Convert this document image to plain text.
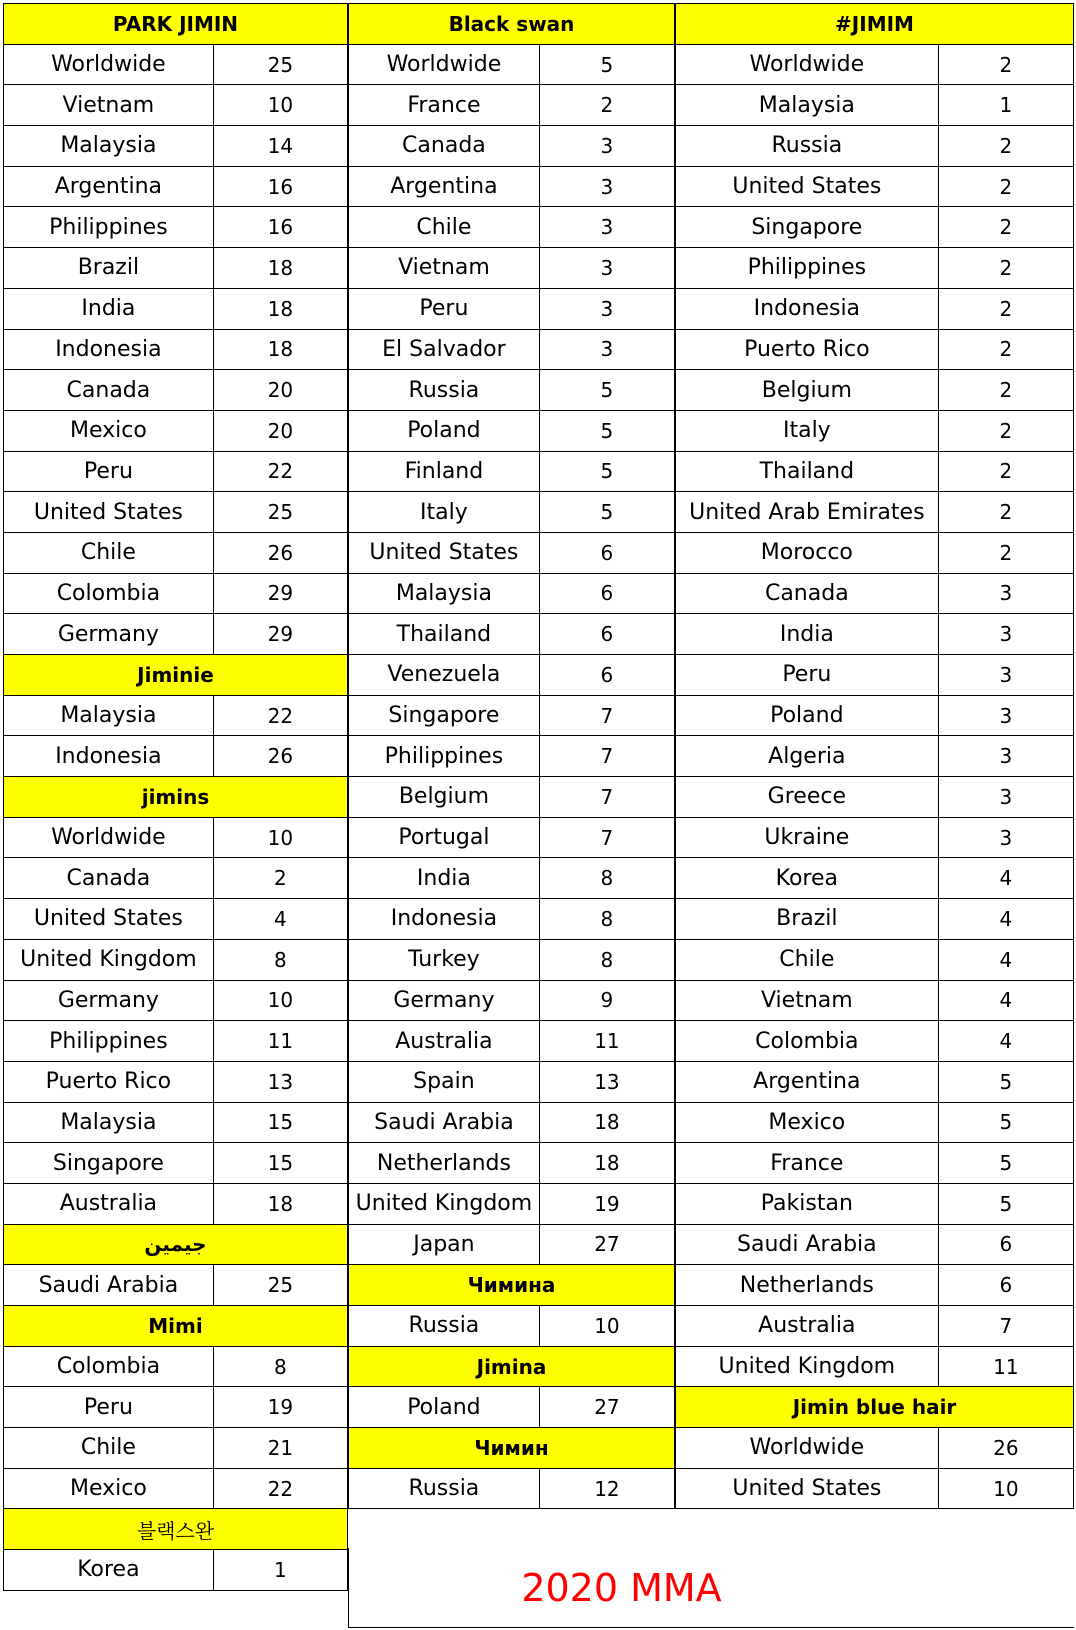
PARK JIMIN
Worldwide	25
Vietnam	10
Malaysia	14
Argentina	16
Philippines	16
Brazil	18
India	18
Indonesia	18
Canada	20
Mexico	20
Peru	22
United States	25
Chile	26
Colombia	29
Germany	29
Jiminie
Malaysia	22
Indonesia	26
jimins
Worldwide	10
Canada	2
United States	4
United Kingdom	8
Germany	10
Philippines	11
Puerto Rico	13
Malaysia	15
Singapore	15
Australia	18
جيمين
Saudi Arabia	25
Mimi
Colombia	8
Peru	19
Chile	21
Mexico	22
블랙스완
Korea	1
Black swan
Worldwide	5
France	2
Canada	3
Argentina	3
Chile	3
Vietnam	3
Peru	3
El Salvador	3
Russia	5
Poland	5
Finland	5
Italy	5
United States	6
Malaysia	6
Thailand	6
Venezuela	6
Singapore	7
Philippines	7
Belgium	7
Portugal	7
India	8
Indonesia	8
Turkey	8
Germany	9
Australia	11
Spain	13
Saudi Arabia	18
Netherlands	18
United Kingdom	19
Japan	27
Чимина
Russia	10
Jimina
Poland	27
Чимин
Russia	12
#JIMIM
Worldwide	2
Malaysia	1
Russia	2
United States	2
Singapore	2
Philippines	2
Indonesia	2
Puerto Rico	2
Belgium	2
Italy	2
Thailand	2
United Arab Emirates	2
Morocco	2
Canada	3
India	3
Peru	3
Poland	3
Algeria	3
Greece	3
Ukraine	3
Korea	4
Brazil	4
Chile	4
Vietnam	4
Colombia	4
Argentina	5
Mexico	5
France	5
Pakistan	5
Saudi Arabia	6
Netherlands	6
Australia	7
United Kingdom	11
Jimin blue hair
Worldwide	26
United States	10
2020 MMA
